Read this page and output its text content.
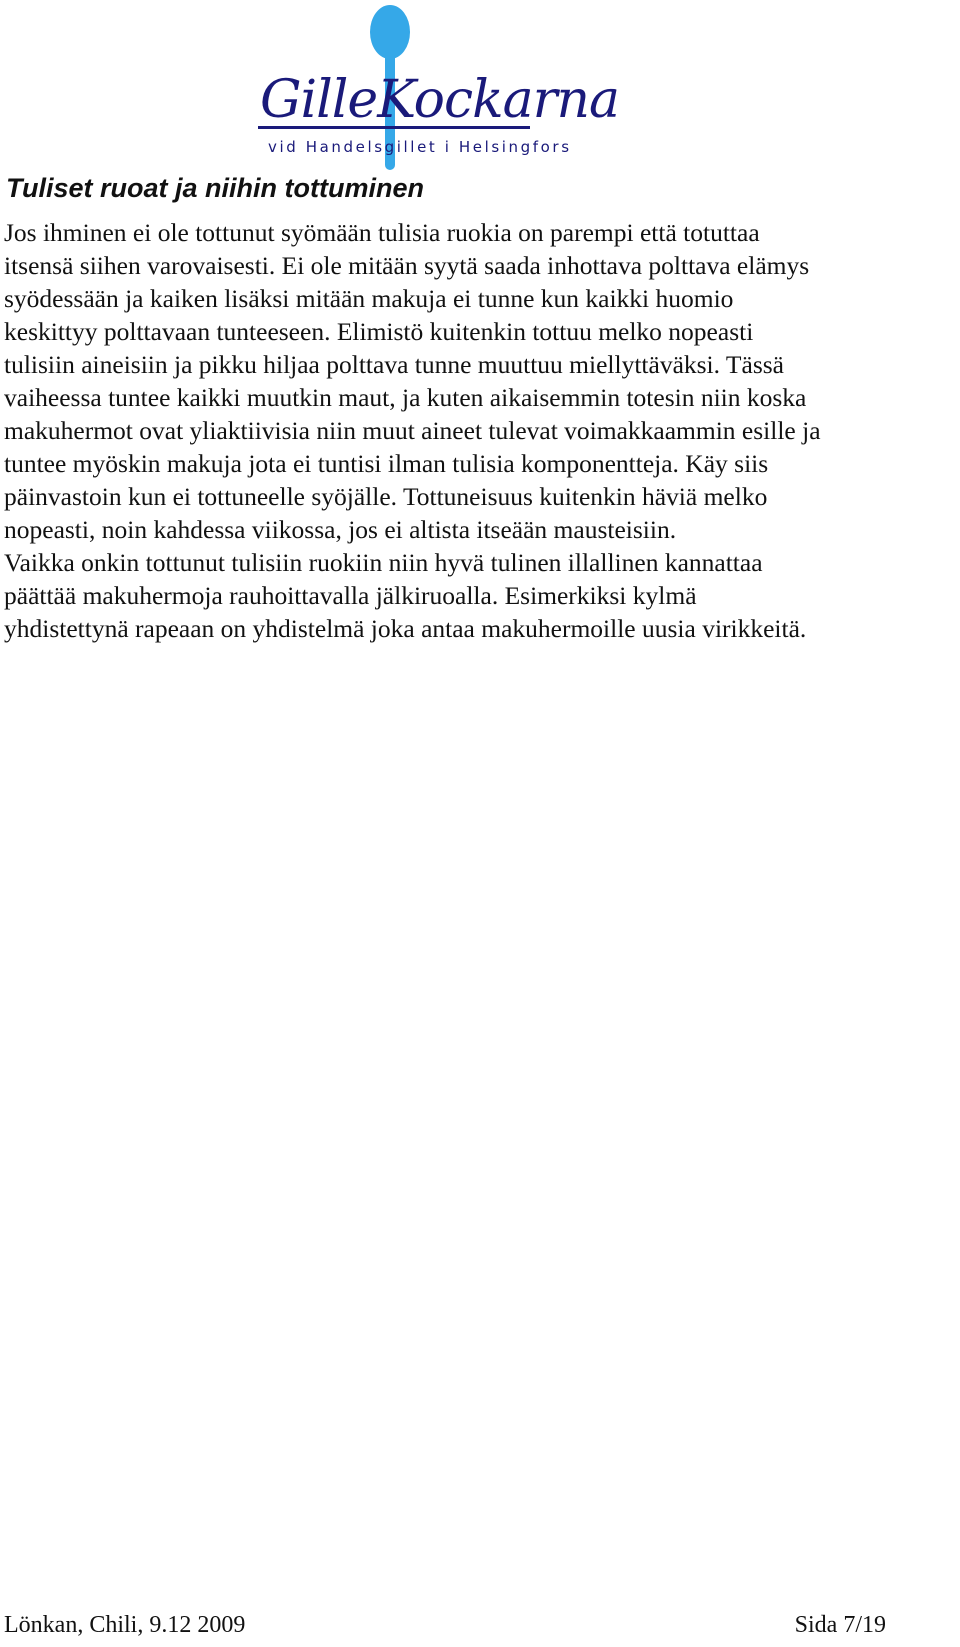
GilleKockarna
vid Handelsgillet i Helsingfors
Tuliset ruoat ja niihin tottuminen
Jos ihminen ei ole tottunut syömään tulisia ruokia on parempi että totuttaa
itsensä siihen varovaisesti. Ei ole mitään syytä saada inhottava polttava elämys
syödessään ja kaiken lisäksi mitään makuja ei tunne kun kaikki huomio
keskittyy polttavaan tunteeseen. Elimistö kuitenkin tottuu melko nopeasti
tulisiin aineisiin ja pikku hiljaa polttava tunne muuttuu miellyttäväksi. Tässä
vaiheessa tuntee kaikki muutkin maut, ja kuten aikaisemmin totesin niin koska
makuhermot ovat yliaktiivisia niin muut aineet tulevat voimakkaammin esille ja
tuntee myöskin makuja jota ei tuntisi ilman tulisia komponentteja. Käy siis
päinvastoin kun ei tottuneelle syöjälle. Tottuneisuus kuitenkin häviä melko
nopeasti, noin kahdessa viikossa, jos ei altista itseään mausteisiin.
Vaikka onkin tottunut tulisiin ruokiin niin hyvä tulinen illallinen kannattaa
päättää makuhermoja rauhoittavalla jälkiruoalla. Esimerkiksi kylmä
yhdistettynä rapeaan on yhdistelmä joka antaa makuhermoille uusia virikkeitä.
Lönkan, Chili, 9.12 2009	Sida 7/19
